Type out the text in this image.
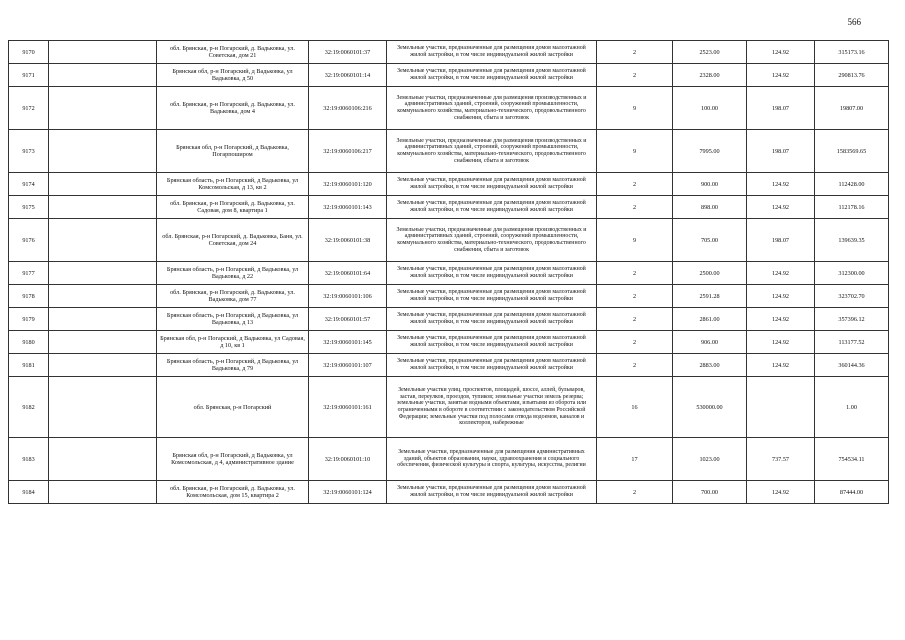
566
9170		обл. Брянская, р-н Погарский, д. Вадьковка, ул. Советская, дом 21	32:19:0060101:37	Земельные участки, предназначенные для размещения домов малоэтажной жилой застройки, в том числе индивидуальной жилой застройки	2	2523.00	124.92	315173.16
9171		Брянская обл, р-н Погарский, д Вадьковка, ул Вадьковка, д 50	32:19:0060101:14	Земельные участки, предназначенные для размещения домов малоэтажной жилой застройки, в том числе индивидуальной жилой застройки	2	2328.00	124.92	290813.76
9172		обл. Брянская, р-н Погарский, д. Вадьковка, ул. Вадьковка, дом 4	32:19:0060106:216	Земельные участки, предназначенные для размещения производственных и административных зданий, строений, сооружений промышленности, коммунального хозяйства, материально-технического, продовольственного снабжения, сбыта и заготовок	9	100.00	198.07	19807.00
9173		Брянская обл, р-н Погарский, д Вадьковка, Погарпоширом	32:19:0060106:217	Земельные участки, предназначенные для размещения производственных и административных зданий, строений, сооружений промышленности, коммунального хозяйства, материально-технического, продовольственного снабжения, сбыта и заготовок	9	7995.00	198.07	1583569.65
9174		Брянская область, р-н Погарский, д Вадьковка, ул Комсомольская, д 13, кв 2	32:19:0060101:120	Земельные участки, предназначенные для размещения домов малоэтажной жилой застройки, в том числе индивидуальной жилой застройки	2	900.00	124.92	112428.00
9175		обл. Брянская, р-н Погарский, д. Вадьковка, ул. Садовая, дом 8, квартира 1	32:19:0060101:143	Земельные участки, предназначенные для размещения домов малоэтажной жилой застройки, в том числе индивидуальной жилой застройки	2	898.00	124.92	112178.16
9176		обл. Брянская, р-н Погарский, д. Вадьковка, Баня, ул. Советская, дом 24	32:19:0060101:38	Земельные участки, предназначенные для размещения производственных и административных зданий, строений, сооружений промышленности, коммунального хозяйства, материально-технического, продовольственного снабжения, сбыта и заготовок	9	705.00	198.07	139639.35
9177		Брянская область, р-н Погарский, д Вадьковка, ул Вадьковка, д 22	32:19:0060101:64	Земельные участки, предназначенные для размещения домов малоэтажной жилой застройки, в том числе индивидуальной жилой застройки	2	2500.00	124.92	312300.00
9178		обл. Брянская, р-н Погарский, д. Вадьковка, ул. Вадьковка, дом 77	32:19:0060101:106	Земельные участки, предназначенные для размещения домов малоэтажной жилой застройки, в том числе индивидуальной жилой застройки	2	2591.28	124.92	323702.70
9179		Брянская область, р-н Погарский, д Вадьковка, ул Вадьковка, д 13	32:19:0060101:57	Земельные участки, предназначенные для размещения домов малоэтажной жилой застройки, в том числе индивидуальной жилой застройки	2	2861.00	124.92	357396.12
9180		Брянская обл, р-н Погарский, д Вадьковка, ул Садовая, д 10, кв 1	32:19:0060101:145	Земельные участки, предназначенные для размещения домов малоэтажной жилой застройки, в том числе индивидуальной жилой застройки	2	906.00	124.92	113177.52
9181		Брянская область, р-н Погарский, д Вадьковка, ул Вадьковка, д 79	32:19:0060101:107	Земельные участки, предназначенные для размещения домов малоэтажной жилой застройки, в том числе индивидуальной жилой застройки	2	2883.00	124.92	360144.36
9182		обл. Брянская, р-н Погарский	32:19:0060101:161	Земельные участки улиц, проспектов, площадей, шоссе, аллей, бульваров, застав, переулков, проездов, тупиков; земельные участки земель резерва; земельные участки, занятые водными объектами, изъятыми из оборота или ограниченными в обороте в соответствии с законодательством Российской Федерации; земельные участки под полосами отвода водоемов, каналов и коллекторов, набережные	16	530000.00		1.00
9183		Брянская обл, р-н Погарский, д Вадьковка, ул Комсомольская, д 4, административное здание	32:19:0060101:10	Земельные участки, предназначенные для размещения административных зданий, объектов образования, науки, здравоохранения и социального обеспечения, физической культуры и спорта, культуры, искусства, религии	17	1023.00	737.57	754534.11
9184		обл. Брянская, р-н Погарский, д. Вадьковка, ул. Комсомольская, дом 15, квартира 2	32:19:0060101:124	Земельные участки, предназначенные для размещения домов малоэтажной жилой застройки, в том числе индивидуальной жилой застройки	2	700.00	124.92	87444.00
